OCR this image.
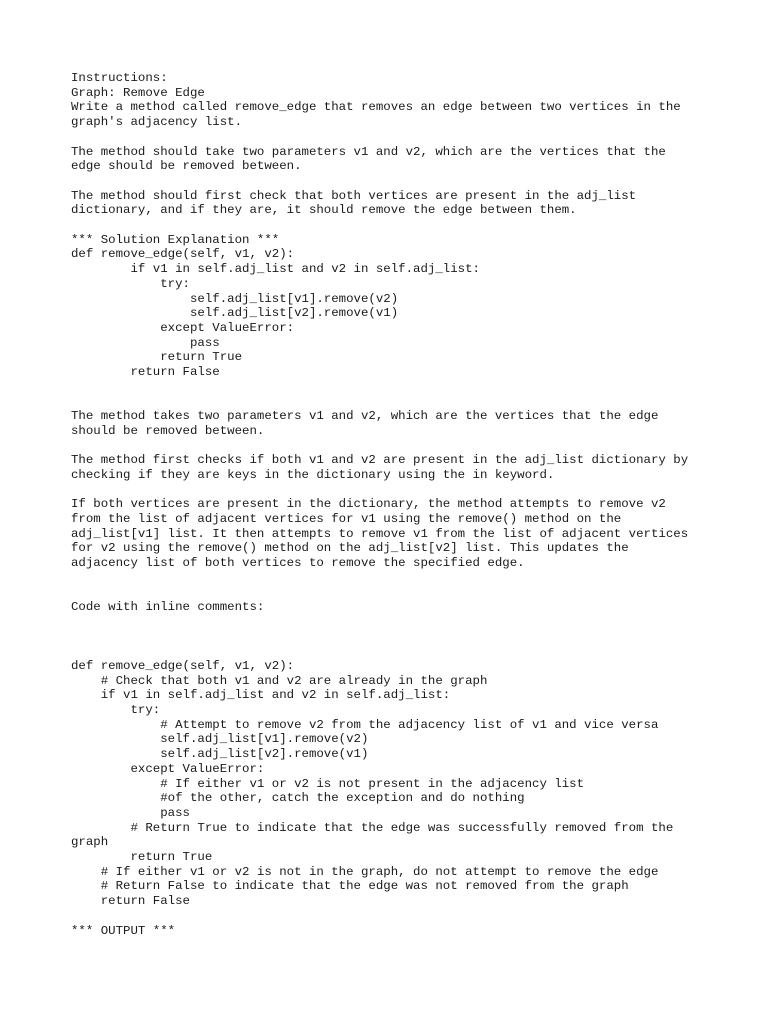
Instructions:
Graph: Remove Edge
Write a method called remove_edge that removes an edge between two vertices in the
graph's adjacency list.
The method should take two parameters v1 and v2, which are the vertices that the
edge should be removed between.
The method should first check that both vertices are present in the adj_list
dictionary, and if they are, it should remove the edge between them.
*** Solution Explanation ***
def remove_edge(self, v1, v2):
if v1 in self.adj_list and v2 in self.adj_list:
try:
self.adj_list[v1].remove(v2)
self.adj_list[v2].remove(v1)
except ValueError:
pass
return True
return False
The method takes two parameters v1 and v2, which are the vertices that the edge
should be removed between.
The method first checks if both v1 and v2 are present in the adj_list dictionary by
checking if they are keys in the dictionary using the in keyword.
If both vertices are present in the dictionary, the method attempts to remove v2
from the list of adjacent vertices for v1 using the remove() method on the
adj_list[v1] list. It then attempts to remove v1 from the list of adjacent vertices
for v2 using the remove() method on the adj_list[v2] list. This updates the
adjacency list of both vertices to remove the specified edge.
Code with inline comments:
def remove_edge(self, v1, v2):
# Check that both v1 and v2 are already in the graph
if v1 in self.adj_list and v2 in self.adj_list:
try:
# Attempt to remove v2 from the adjacency list of v1 and vice versa
self.adj_list[v1].remove(v2)
self.adj_list[v2].remove(v1)
except ValueError:
# If either v1 or v2 is not present in the adjacency list
#of the other, catch the exception and do nothing
pass
# Return True to indicate that the edge was successfully removed from the
graph
return True
# If either v1 or v2 is not in the graph, do not attempt to remove the edge
# Return False to indicate that the edge was not removed from the graph
return False
*** OUTPUT ***
